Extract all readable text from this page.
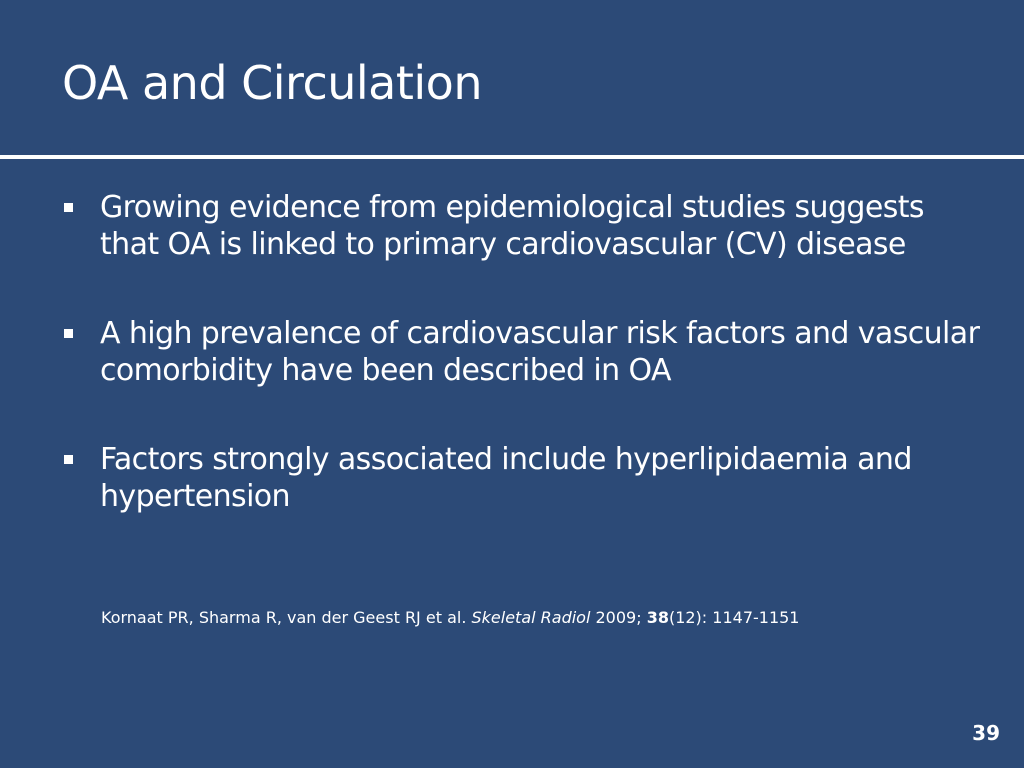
OA and Circulation
Growing evidence from epidemiological studies suggests that OA is linked to primary cardiovascular (CV) disease
A high prevalence of cardiovascular risk factors and vascular comorbidity have been described in OA
Factors strongly associated include hyperlipidaemia and hypertension
Kornaat PR, Sharma R, van der Geest RJ et al. Skeletal Radiol 2009; 38(12): 1147-1151
39
